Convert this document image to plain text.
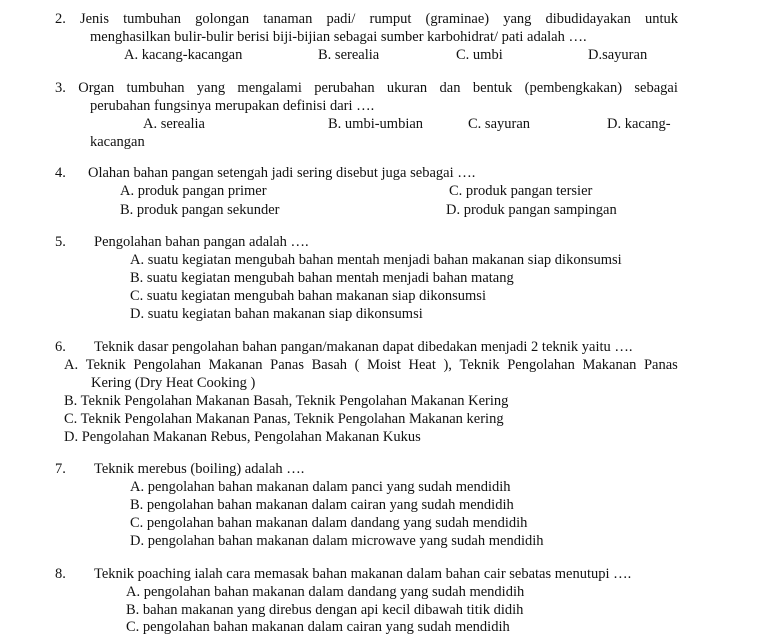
2. Jenis tumbuhan golongan tanaman padi/ rumput (graminae) yang dibudidayakan untuk
menghasilkan bulir-bulir berisi biji-bijian sebagai sumber karbohidrat/ pati adalah ….
A. kacang-kacangan	B. serealia	C. umbi	D.sayuran
3. Organ tumbuhan yang mengalami perubahan ukuran dan bentuk (pembengkakan) sebagai
perubahan fungsinya merupakan definisi dari ….
A. serealia	B. umbi-umbian	C. sayuran	D. kacang-
kacangan
4. Olahan bahan pangan setengah jadi sering disebut juga sebagai ….
A. produk pangan primer	C. produk pangan tersier
B. produk pangan sekunder	D. produk pangan sampingan
5. Pengolahan bahan pangan adalah ….
A. suatu kegiatan mengubah bahan mentah menjadi bahan makanan siap dikonsumsi
B. suatu kegiatan mengubah bahan mentah menjadi bahan matang
C. suatu kegiatan mengubah bahan makanan siap dikonsumsi
D. suatu kegiatan bahan makanan siap dikonsumsi
6. Teknik dasar pengolahan bahan pangan/makanan dapat dibedakan menjadi 2 teknik yaitu ….
A. Teknik Pengolahan Makanan Panas Basah ( Moist Heat ), Teknik Pengolahan Makanan Panas
Kering (Dry Heat Cooking )
B. Teknik Pengolahan Makanan Basah, Teknik Pengolahan Makanan Kering
C. Teknik Pengolahan Makanan Panas, Teknik Pengolahan Makanan kering
D. Pengolahan Makanan Rebus, Pengolahan Makanan Kukus
7. Teknik merebus (boiling) adalah ….
A. pengolahan bahan makanan dalam panci yang sudah mendidih
B. pengolahan bahan makanan dalam cairan yang sudah mendidih
C. pengolahan bahan makanan dalam dandang yang sudah mendidih
D. pengolahan bahan makanan dalam microwave yang sudah mendidih
8. Teknik poaching ialah cara memasak bahan makanan dalam bahan cair sebatas menutupi ….
A. pengolahan bahan makanan dalam dandang yang sudah mendidih
B. bahan makanan yang direbus dengan api kecil dibawah titik didih
C. pengolahan bahan makanan dalam cairan yang sudah mendidih
